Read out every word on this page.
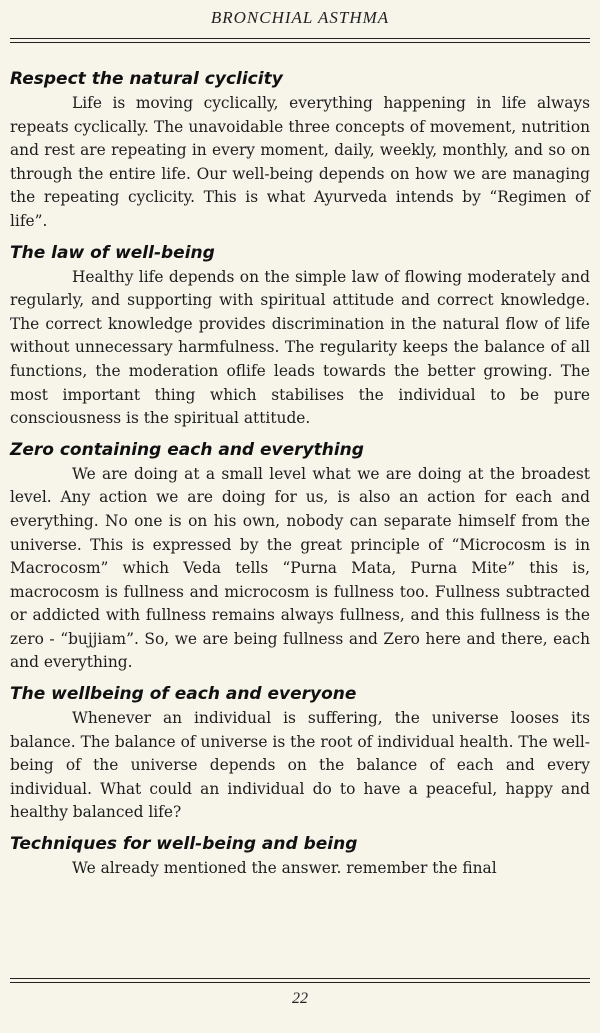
BRONCHIAL ASTHMA
Respect the natural cyclicity

Life is moving cyclically, everything happening in life always repeats cyclically. The unavoidable three concepts of movement, nutrition and rest are repeating in every moment, daily, weekly, monthly, and so on through the entire life. Our well-being depends on how we are managing the repeating cyclicity. This is what Ayurveda intends by “Regimen of life”.

The law of well-being

Healthy life depends on the simple law of flowing moderately and regularly, and supporting with spiritual attitude and correct knowledge. The correct knowledge provides discrimination in the natural flow of life without unnecessary harmfulness. The regularity keeps the balance of all functions, the moderation oflife leads towards the better growing. The most important thing which stabilises the individual to be pure consciousness is the spiritual attitude.

Zero containing each and everything

We are doing at a small level what we are doing at the broadest level. Any action we are doing for us, is also an action for each and everything. No one is on his own, nobody can separate himself from the universe. This is expressed by the great principle of “Microcosm is in Macrocosm” which Veda tells “Purna Mata, Purna Mite” this is, macrocosm is fullness and microcosm is fullness too. Fullness subtracted or addicted with fullness remains always fullness, and this fullness is the zero - “bujjiam”. So, we are being fullness and Zero here and there, each and everything.

The wellbeing of each and everyone

Whenever an individual is suffering, the universe looses its balance. The balance of universe is the root of individual health. The well-being of the universe depends on the balance of each and every individual. What could an individual do to have a peaceful, happy and healthy balanced life?

Techniques for well-being and being

We already mentioned the answer. remember the final

22
